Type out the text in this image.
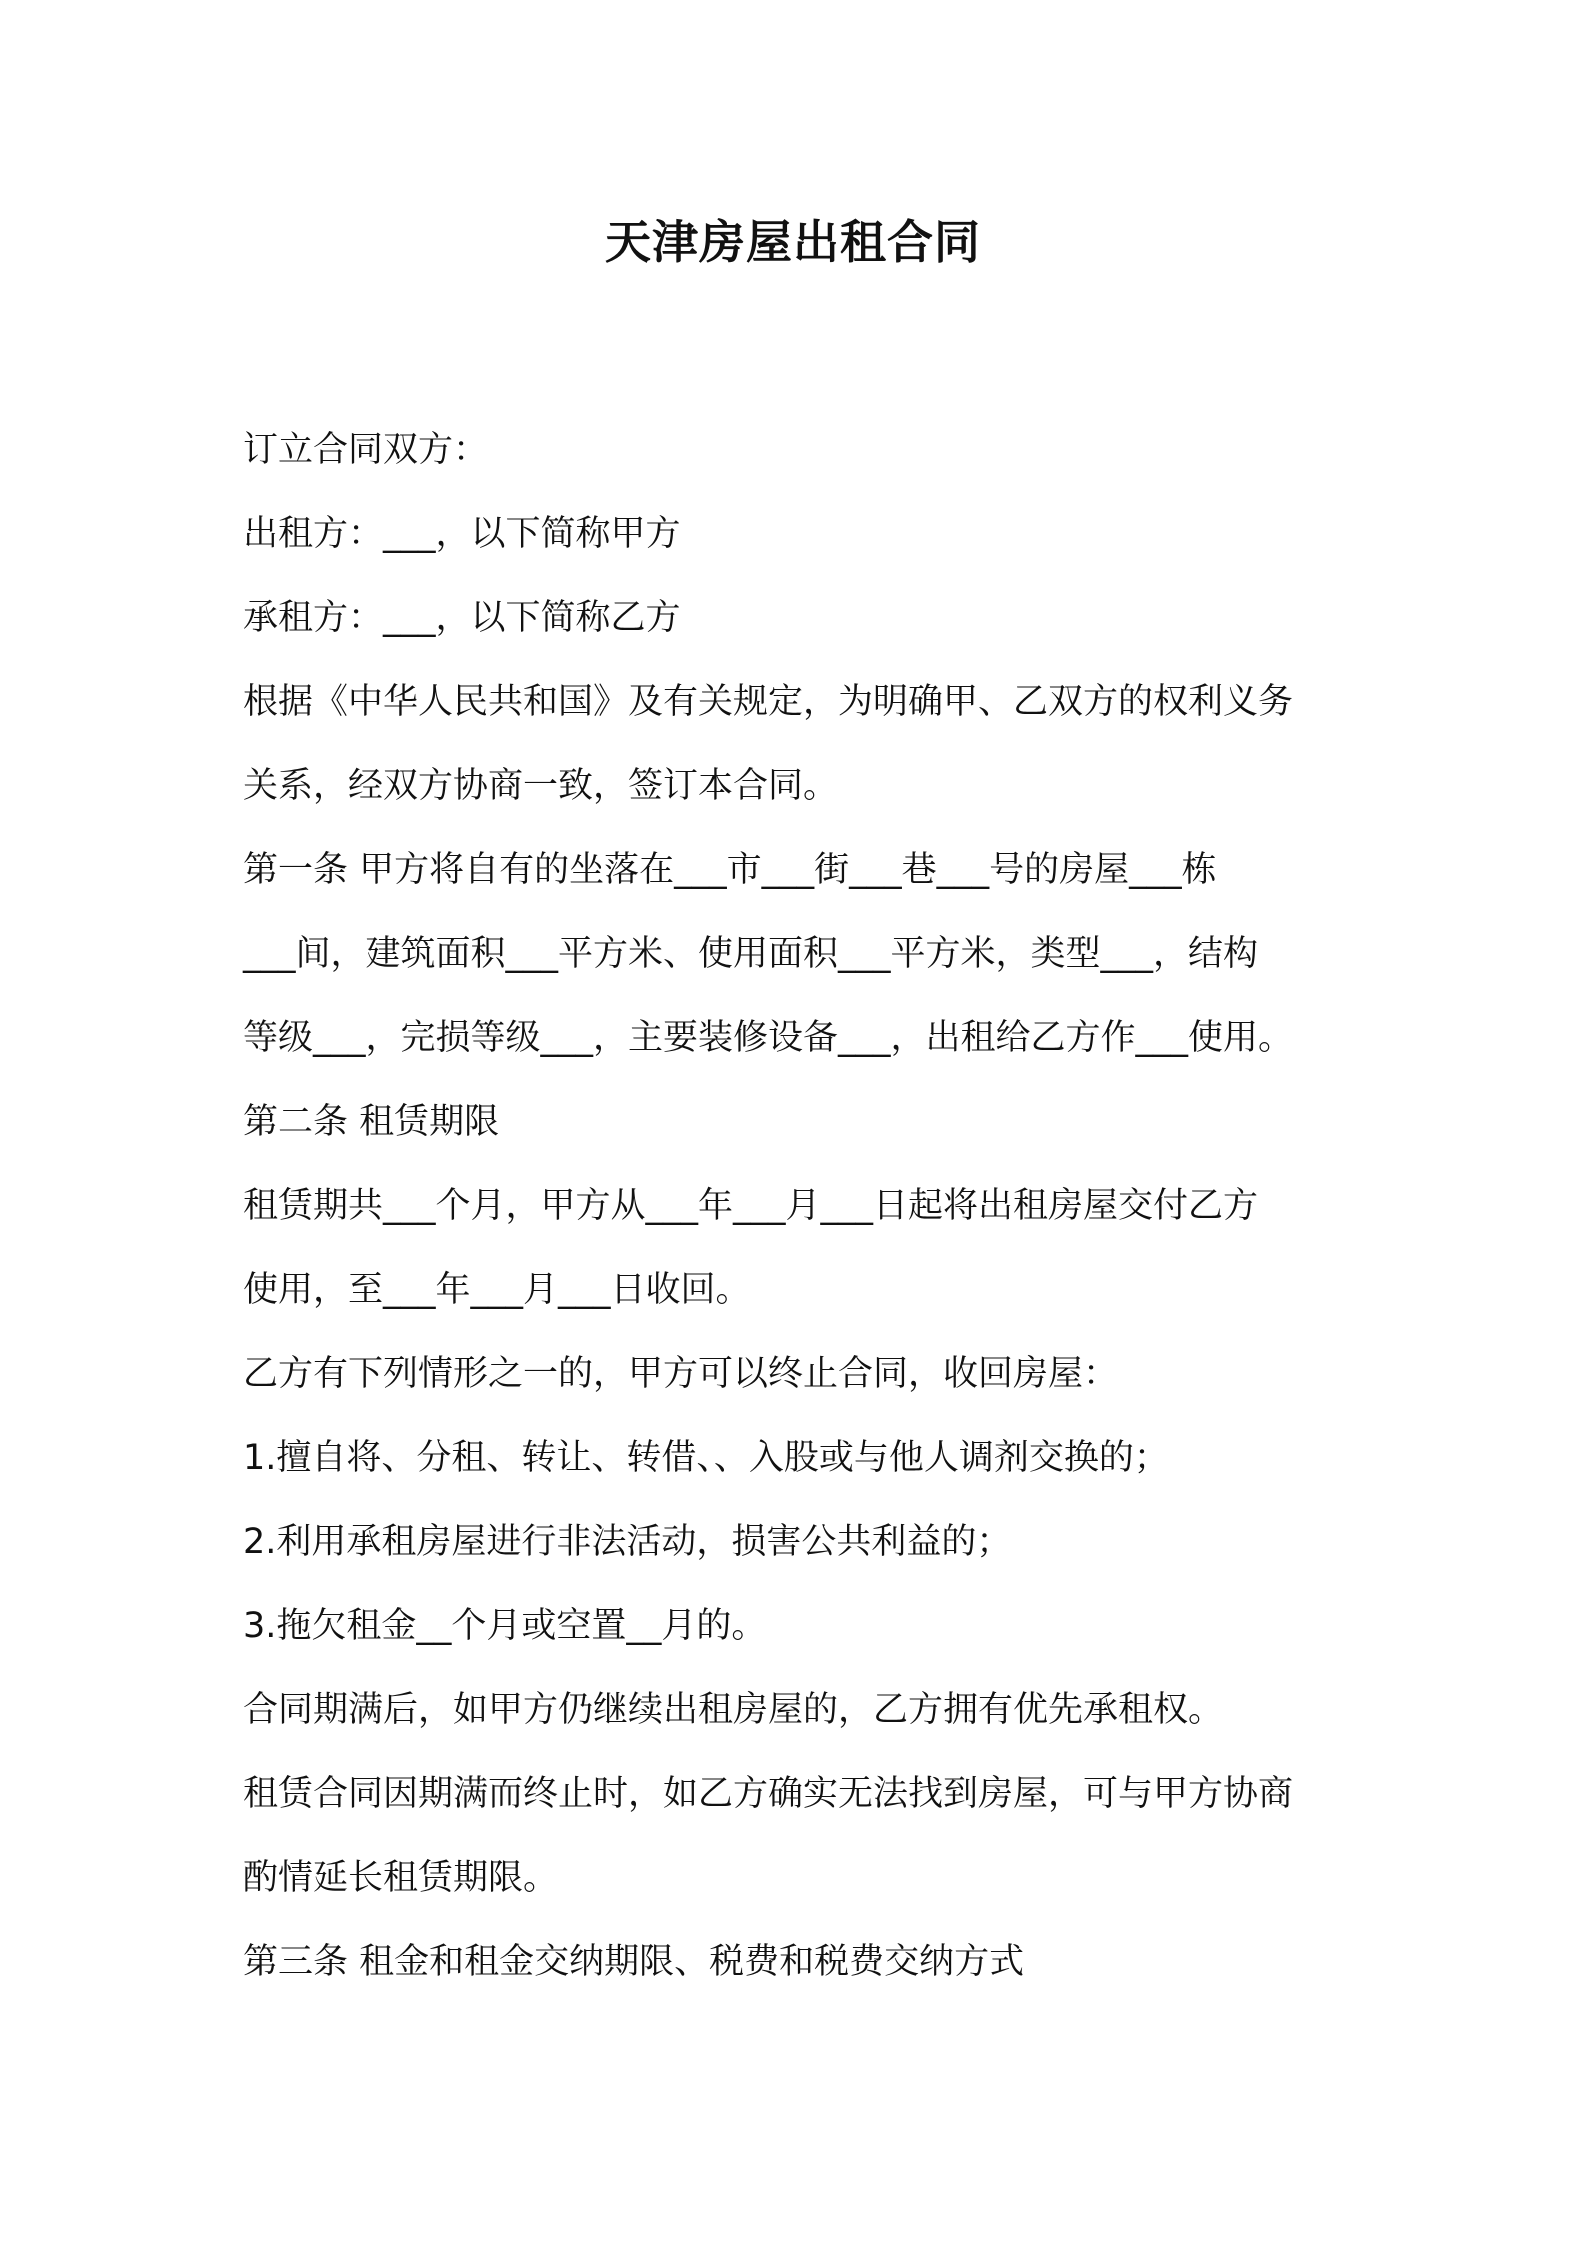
天津房屋出租合同

订立合同双方：

出租方：___，以下简称甲方

承租方：___，以下简称乙方

根据《中华人民共和国》及有关规定，为明确甲、乙双方的权利义务

关系，经双方协商一致，签订本合同。

第一条 甲方将自有的坐落在___市___街___巷___号的房屋___栋

___间，建筑面积___平方米、使用面积___平方米，类型___，结构

等级___，完损等级___，主要装修设备___，出租给乙方作___使用。

第二条 租赁期限

租赁期共___个月，甲方从___年___月___日起将出租房屋交付乙方

使用，至___年___月___日收回。

乙方有下列情形之一的，甲方可以终止合同，收回房屋：

1.擅自将、分租、转让、转借、、入股或与他人调剂交换的；

2.利用承租房屋进行非法活动，损害公共利益的；

3.拖欠租金__个月或空置__月的。

合同期满后，如甲方仍继续出租房屋的，乙方拥有优先承租权。

租赁合同因期满而终止时，如乙方确实无法找到房屋，可与甲方协商

酌情延长租赁期限。

第三条 租金和租金交纳期限、税费和税费交纳方式
